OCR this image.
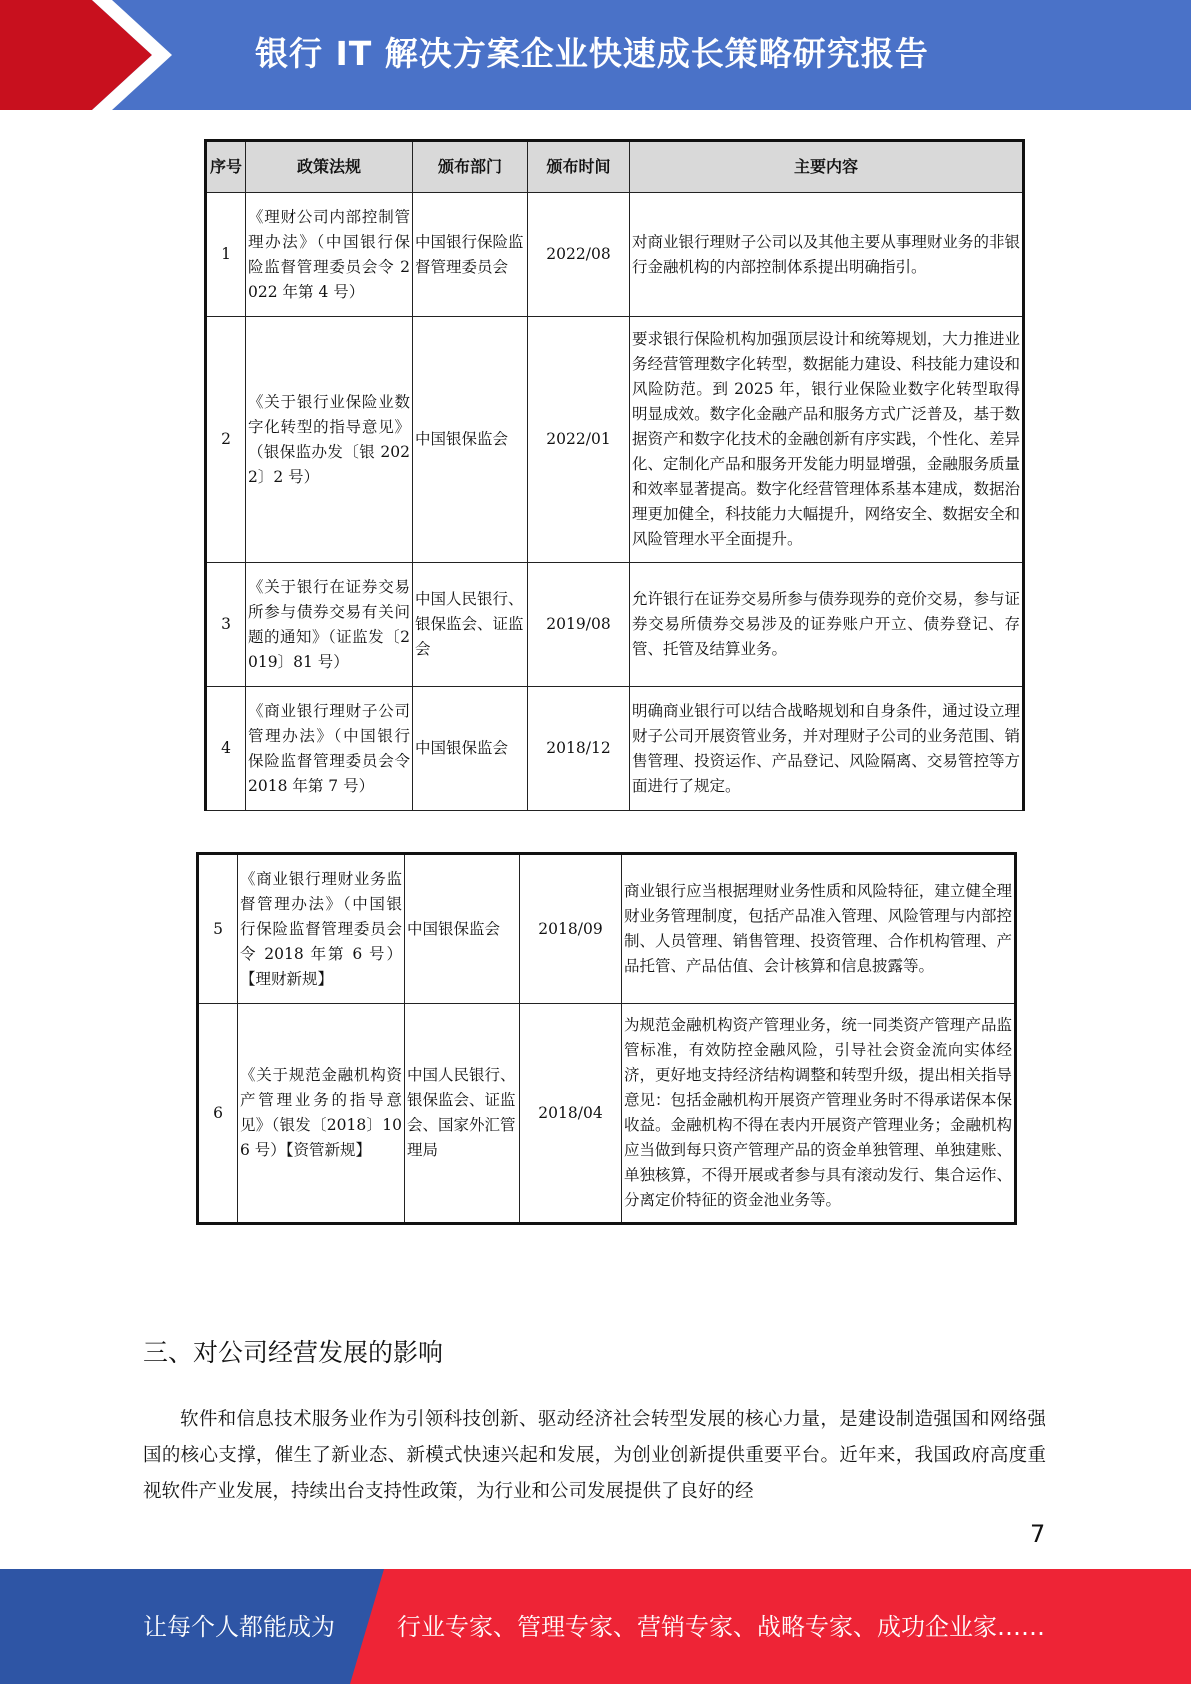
银行 IT 解决方案企业快速成长策略研究报告
序号	政策法规	颁布部门	颁布时间	主要内容
1	《理财公司内部控制管理办法》（中国银行保险监督管理委员会令 2022 年第 4 号）	中国银行保险监督管理委员会	2022/08	对商业银行理财子公司以及其他主要从事理财业务的非银行金融机构的内部控制体系提出明确指引。
2	《关于银行业保险业数字化转型的指导意见》（银保监办发〔银 2022〕2 号）	中国银保监会	2022/01	要求银行保险机构加强顶层设计和统筹规划，大力推进业务经营管理数字化转型，数据能力建设、科技能力建设和风险防范。到 2025 年，银行业保险业数字化转型取得明显成效。数字化金融产品和服务方式广泛普及，基于数据资产和数字化技术的金融创新有序实践，个性化、差异化、定制化产品和服务开发能力明显增强，金融服务质量和效率显著提高。数字化经营管理体系基本建成，数据治理更加健全，科技能力大幅提升，网络安全、数据安全和风险管理水平全面提升。
3	《关于银行在证券交易所参与债券交易有关问题的通知》（证监发〔2019〕81 号）	中国人民银行、银保监会、证监会	2019/08	允许银行在证券交易所参与债券现券的竞价交易，参与证券交易所债券交易涉及的证券账户开立、债券登记、存管、托管及结算业务。
4	《商业银行理财子公司管理办法》（中国银行保险监督管理委员会令 2018 年第 7 号）	中国银保监会	2018/12	明确商业银行可以结合战略规划和自身条件，通过设立理财子公司开展资管业务，并对理财子公司的业务范围、销售管理、投资运作、产品登记、风险隔离、交易管控等方面进行了规定。
5	《商业银行理财业务监督管理办法》（中国银行保险监督管理委员会令 2018 年第 6 号）【理财新规】	中国银保监会	2018/09	商业银行应当根据理财业务性质和风险特征，建立健全理财业务管理制度，包括产品准入管理、风险管理与内部控制、人员管理、销售管理、投资管理、合作机构管理、产品托管、产品估值、会计核算和信息披露等。
6	《关于规范金融机构资产管理业务的指导意见》（银发〔2018〕106 号）【资管新规】	中国人民银行、银保监会、证监会、国家外汇管理局	2018/04	为规范金融机构资产管理业务，统一同类资产管理产品监管标准，有效防控金融风险，引导社会资金流向实体经济，更好地支持经济结构调整和转型升级，提出相关指导意见：包括金融机构开展资产管理业务时不得承诺保本保收益。金融机构不得在表内开展资产管理业务；金融机构应当做到每只资产管理产品的资金单独管理、单独建账、单独核算，不得开展或者参与具有滚动发行、集合运作、分离定价特征的资金池业务等。
三、对公司经营发展的影响
软件和信息技术服务业作为引领科技创新、驱动经济社会转型发展的核心力量，是建设制造强国和网络强国的核心支撑，催生了新业态、新模式快速兴起和发展，为创业创新提供重要平台。近年来，我国政府高度重视软件产业发展，持续出台支持性政策，为行业和公司发展提供了良好的经
7
让每个人都能成为	行业专家、管理专家、营销专家、战略专家、成功企业家……
